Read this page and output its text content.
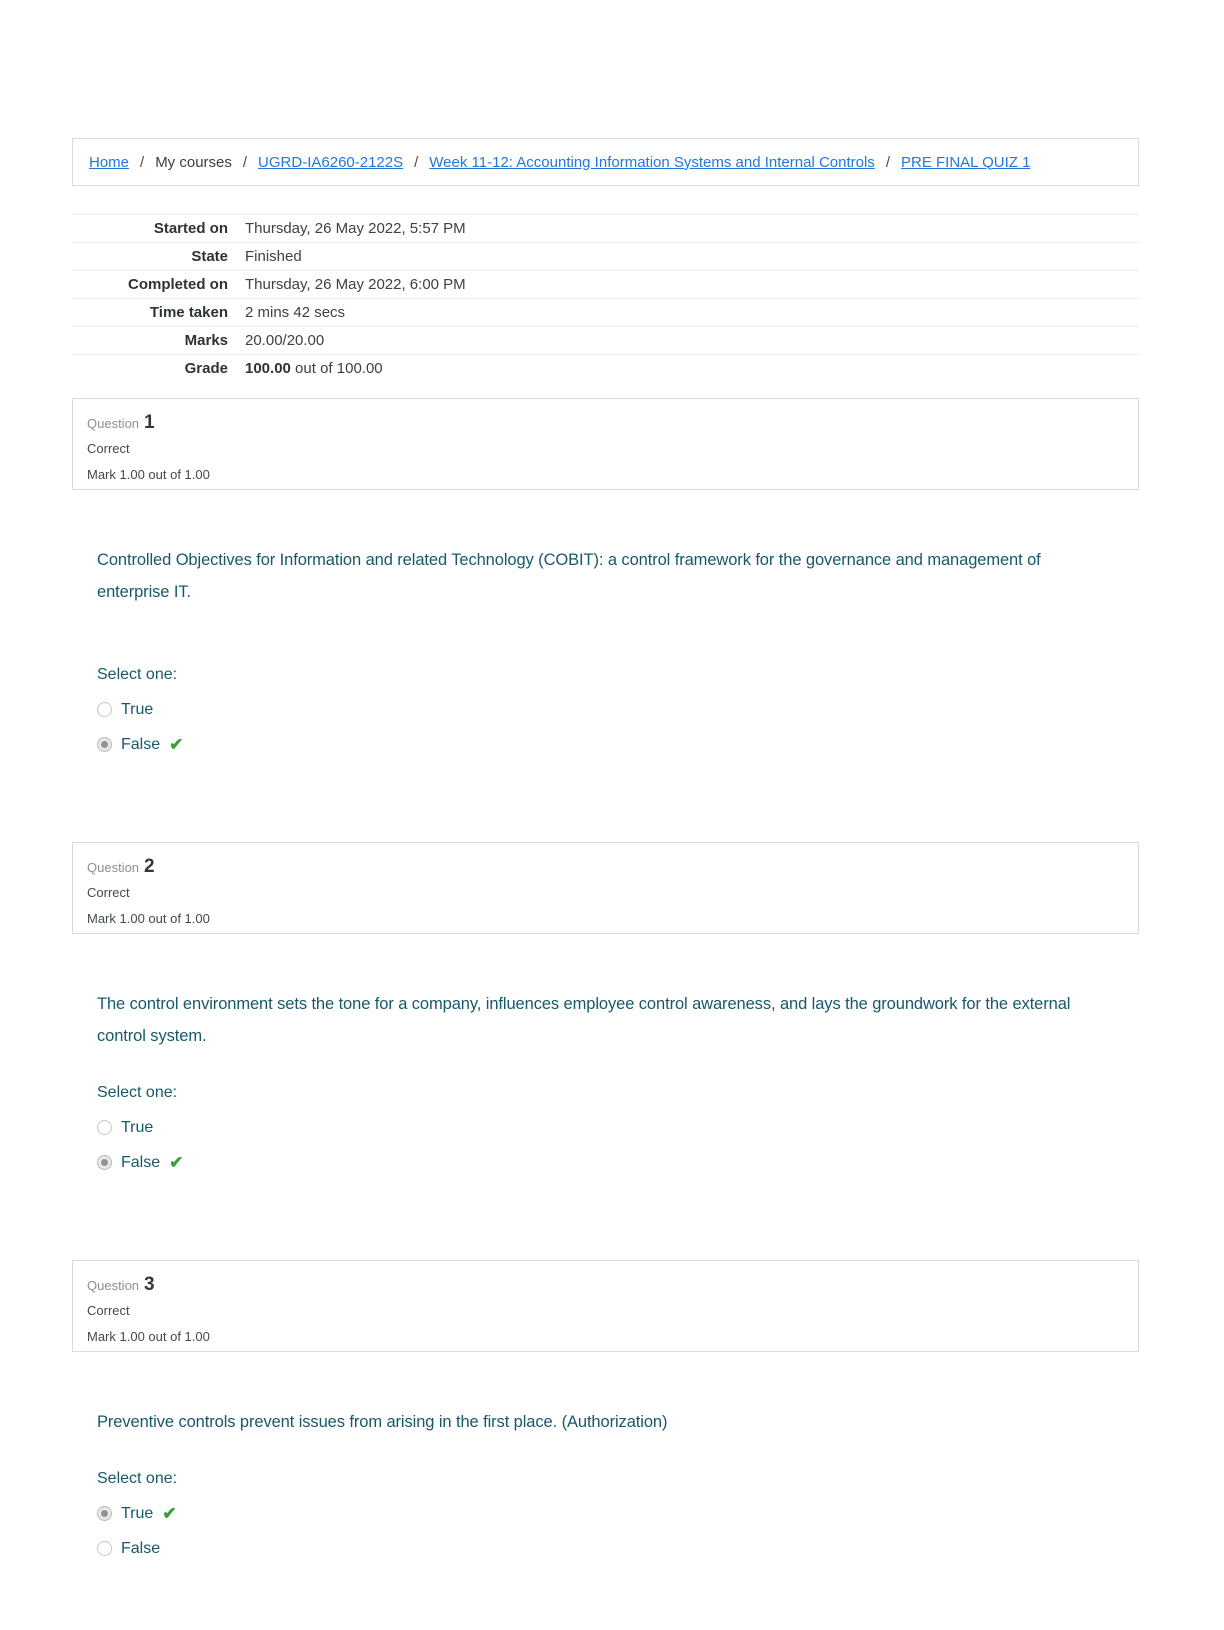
Home / My courses / UGRD-IA6260-2122S / Week 11-12: Accounting Information Systems and Internal Controls / PRE FINAL QUIZ 1
Started on	Thursday, 26 May 2022, 5:57 PM
State	Finished
Completed on	Thursday, 26 May 2022, 6:00 PM
Time taken	2 mins 42 secs
Marks	20.00/20.00
Grade	100.00 out of 100.00
Question 1
Correct
Mark 1.00 out of 1.00
Controlled Objectives for Information and related Technology (COBIT): a control framework for the governance and management of enterprise IT.
Select one:
True
False ✔
Question 2
Correct
Mark 1.00 out of 1.00
The control environment sets the tone for a company, influences employee control awareness, and lays the groundwork for the external control system.
Select one:
True
False ✔
Question 3
Correct
Mark 1.00 out of 1.00
Preventive controls prevent issues from arising in the first place. (Authorization)
Select one:
True ✔
False
